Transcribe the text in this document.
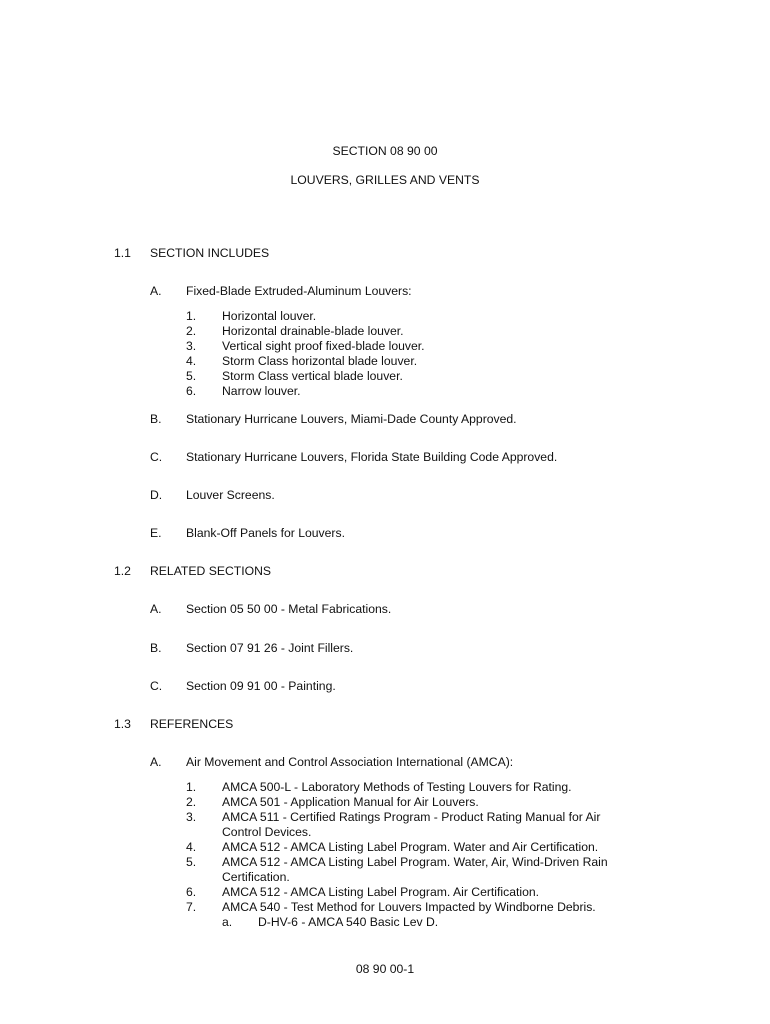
SECTION 08 90 00
LOUVERS, GRILLES AND VENTS
1.1 SECTION INCLUDES
A. Fixed-Blade Extruded-Aluminum Louvers:
1. Horizontal louver.
2. Horizontal drainable-blade louver.
3. Vertical sight proof fixed-blade louver.
4. Storm Class horizontal blade louver.
5. Storm Class vertical blade louver.
6. Narrow louver.
B. Stationary Hurricane Louvers, Miami-Dade County Approved.
C. Stationary Hurricane Louvers, Florida State Building Code Approved.
D. Louver Screens.
E. Blank-Off Panels for Louvers.
1.2 RELATED SECTIONS
A. Section 05 50 00 - Metal Fabrications.
B. Section 07 91 26 - Joint Fillers.
C. Section 09 91 00 - Painting.
1.3 REFERENCES
A. Air Movement and Control Association International (AMCA):
1. AMCA 500-L - Laboratory Methods of Testing Louvers for Rating.
2. AMCA 501 - Application Manual for Air Louvers.
3. AMCA 511 - Certified Ratings Program - Product Rating Manual for Air
Control Devices.
4. AMCA 512 - AMCA Listing Label Program. Water and Air Certification.
5. AMCA 512 - AMCA Listing Label Program. Water, Air, Wind-Driven Rain
Certification.
6. AMCA 512 - AMCA Listing Label Program. Air Certification.
7. AMCA 540 - Test Method for Louvers Impacted by Windborne Debris.
a. D-HV-6 - AMCA 540 Basic Lev D.
08 90 00-1
